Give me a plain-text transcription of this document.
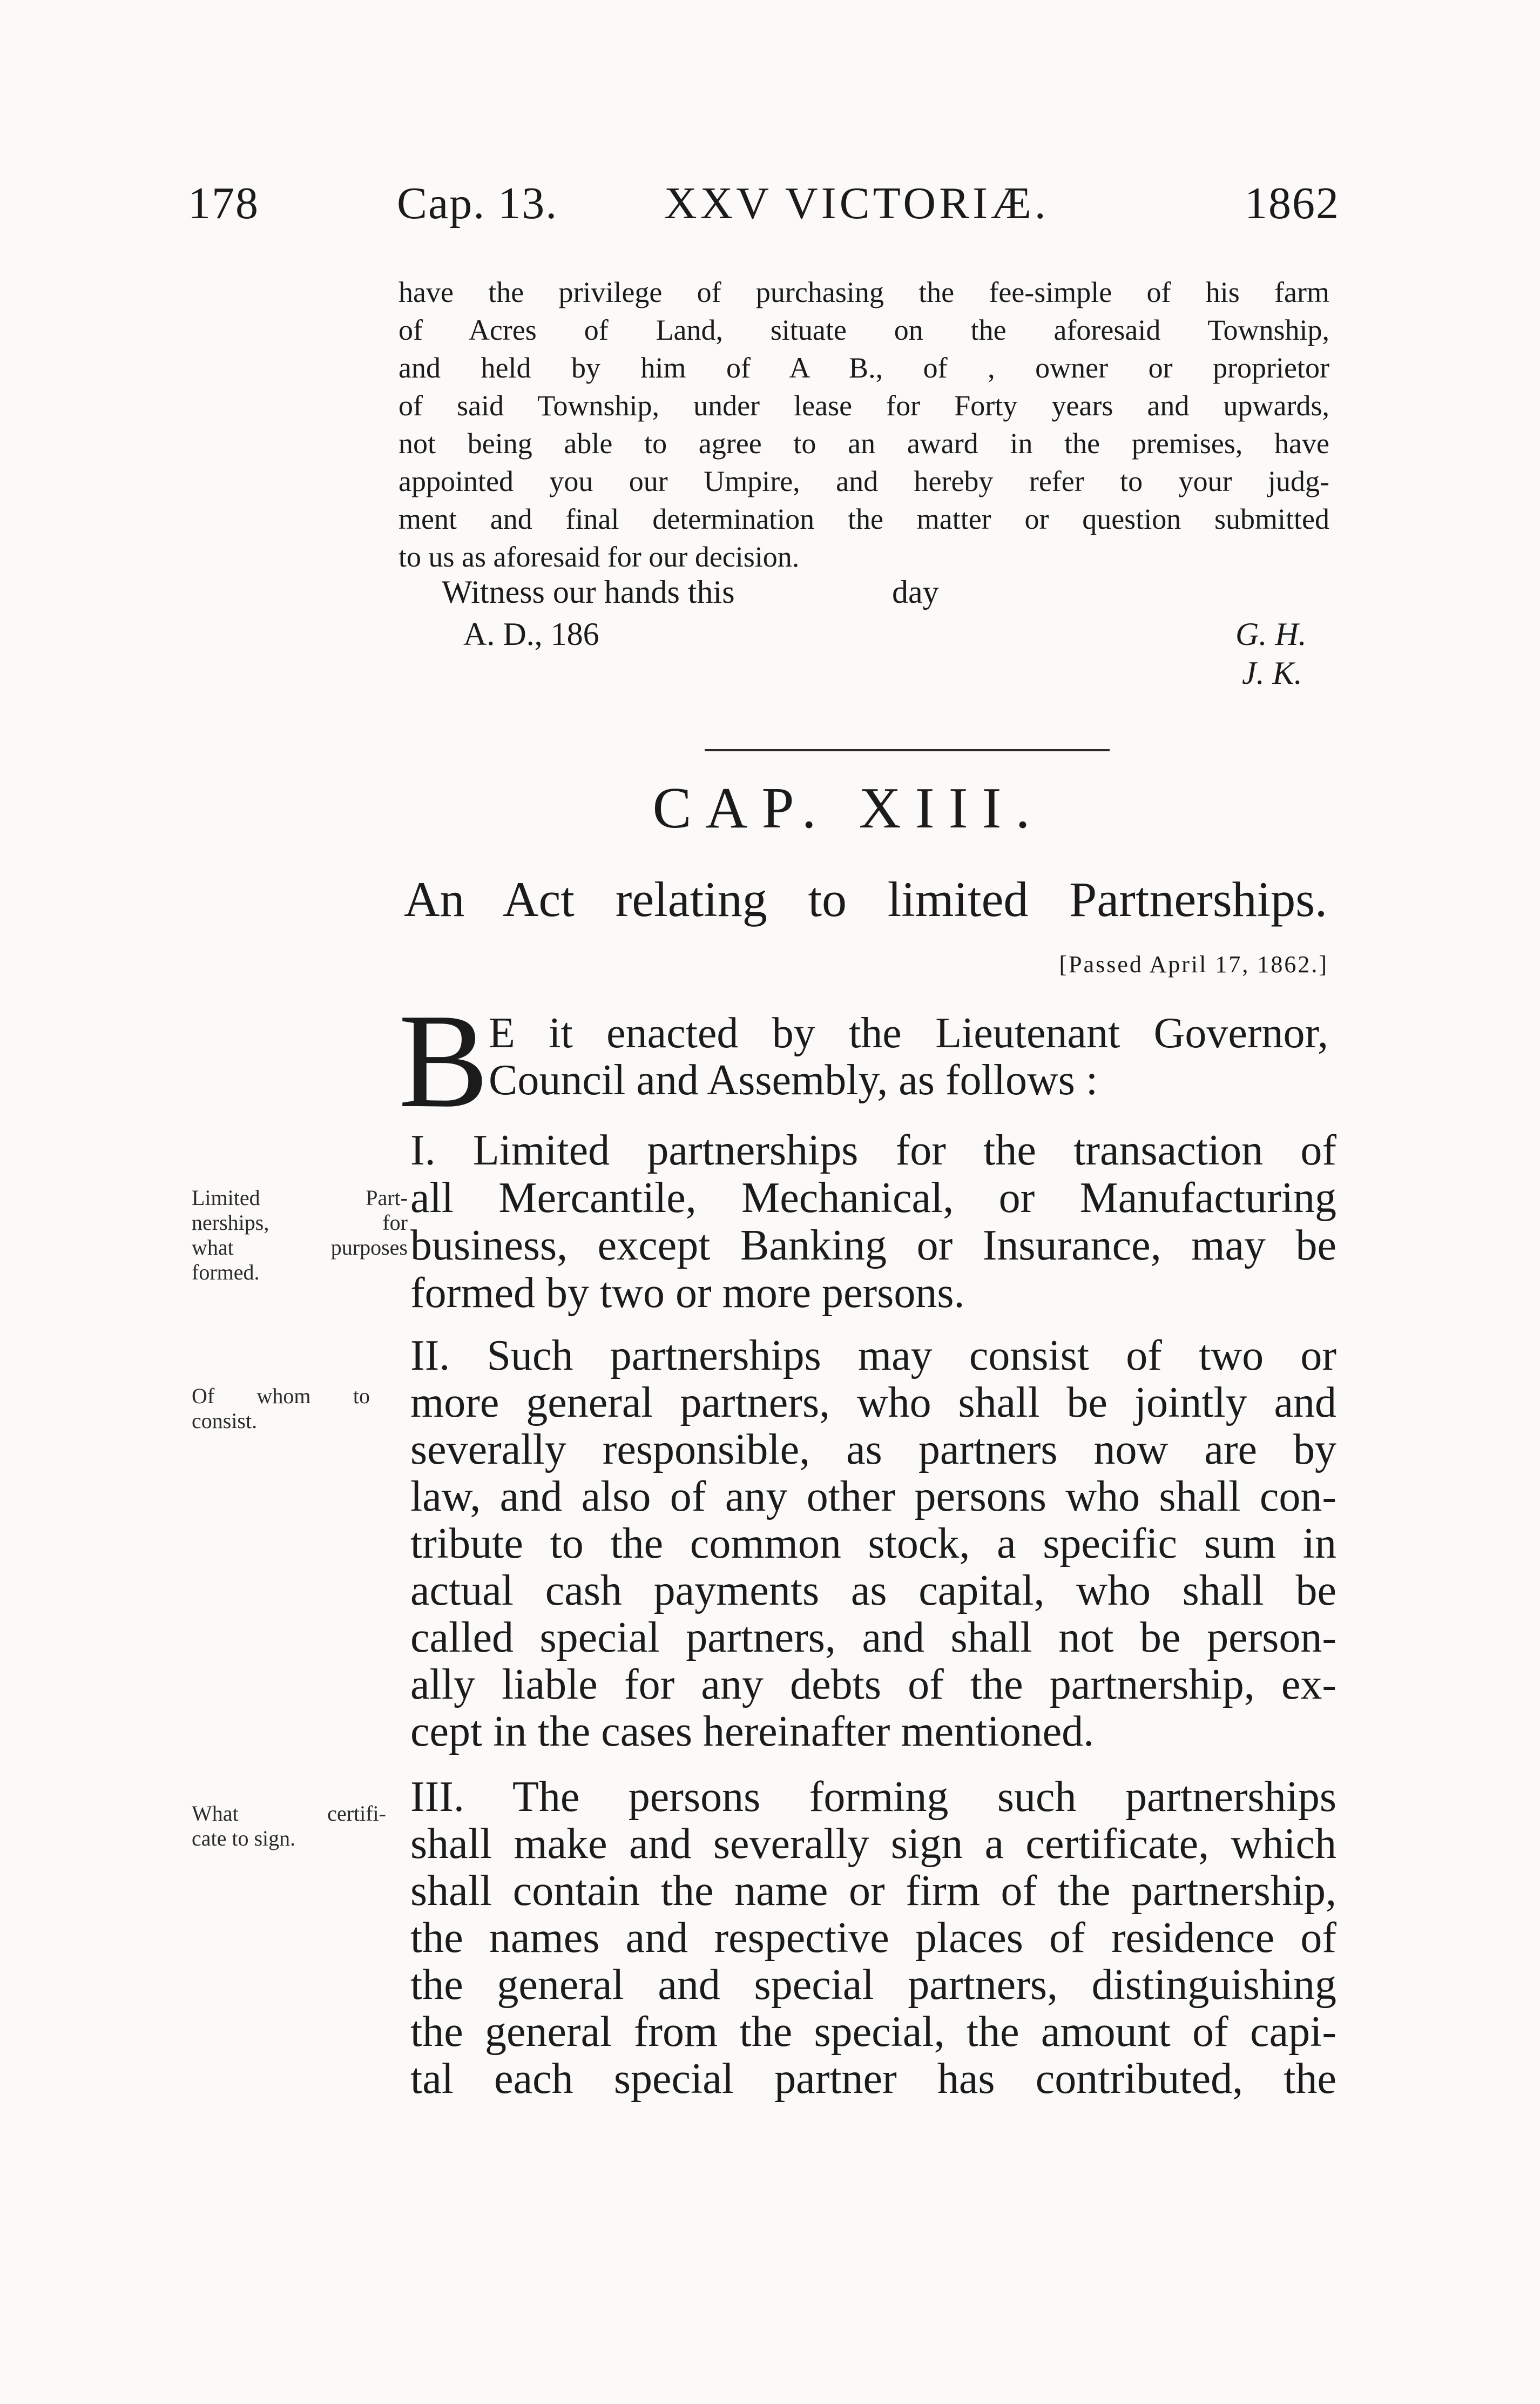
178	Cap. 13. XXV VICTORIÆ.	1862
have the privilege of purchasing the fee-simple of his farm
of Acres of Land, situate on the aforesaid Township,
and held by him of A B., of , owner or proprietor
of said Township, under lease for Forty years and upwards,
not being able to agree to an award in the premises, have
appointed you our Umpire, and hereby refer to your judg-
ment and final determination the matter or question submitted
to us as aforesaid for our decision.
Witness our hands this	day
A. D., 186	G. H.
J. K.
CAP. XIII.
An Act relating to limited Partnerships.
[Passed April 17, 1862.]
B E it enacted by the Lieutenant Governor,
Council and Assembly, as follows :
I. Limited partnerships for the transaction of
all Mercantile, Mechanical, or Manufacturing
business, except Banking or Insurance, may be
formed by two or more persons.
Limited Part-
nerships, for
what purposes
formed.
II. Such partnerships may consist of two or
more general partners, who shall be jointly and
severally responsible, as partners now are by
law, and also of any other persons who shall con-
tribute to the common stock, a specific sum in
actual cash payments as capital, who shall be
called special partners, and shall not be person-
ally liable for any debts of the partnership, ex-
cept in the cases hereinafter mentioned.
Of whom to
consist.
III. The persons forming such partnerships
shall make and severally sign a certificate, which
shall contain the name or firm of the partnership,
the names and respective places of residence of
the general and special partners, distinguishing
the general from the special, the amount of capi-
tal each special partner has contributed, the
What certifi-
cate to sign.
